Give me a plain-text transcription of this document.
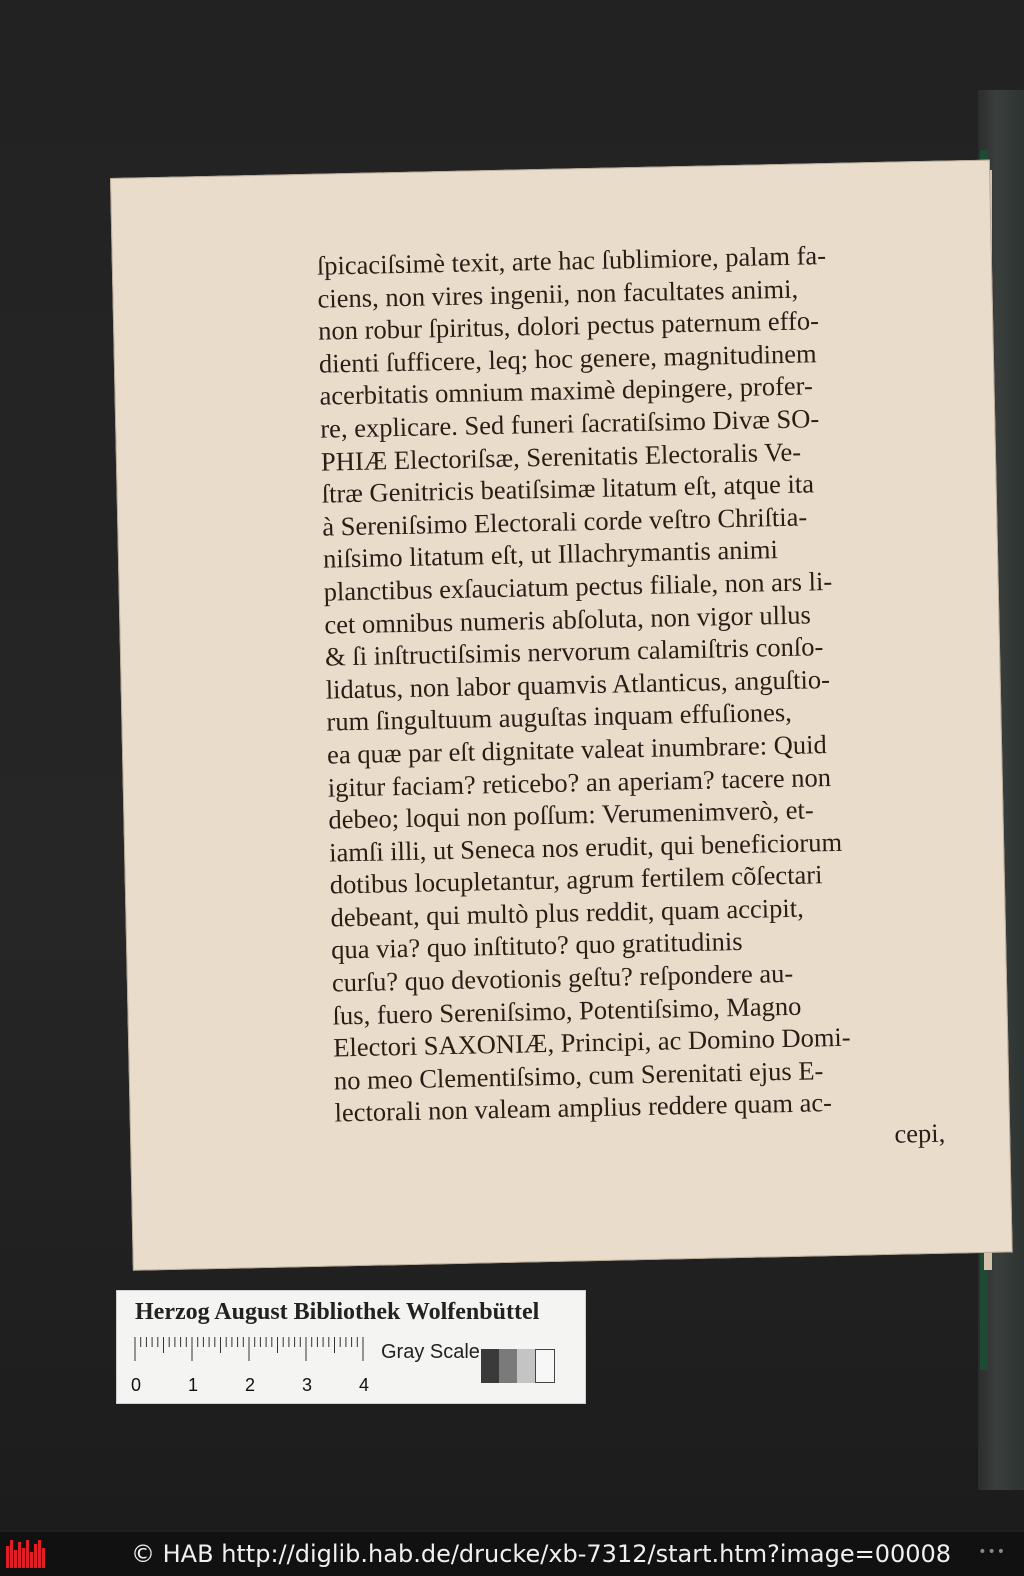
ſpicaciſsimè texit, arte hac ſublimiore, palam fa-
ciens, non vires ingenii, non facultates animi,
non robur ſpiritus, dolori pectus paternum effo-
dienti ſufficere, leq; hoc genere, magnitudinem
acerbitatis omnium maximè depingere, profer-
re, explicare. Sed funeri ſacratiſsimo Divæ SO-
PHIÆ Electoriſsæ, Serenitatis Electoralis Ve-
ſtræ Genitricis beatiſsimæ litatum eſt, atque ita
à Sereniſsimo Electorali corde veſtro Chriſtia-
niſsimo litatum eſt, ut Illachrymantis animi
planctibus exſauciatum pectus filiale, non ars li-
cet omnibus numeris abſoluta, non vigor ullus
& ſi inſtructiſsimis nervorum calamiſtris conſo-
lidatus, non labor quamvis Atlanticus, anguſtio-
rum ſingultuum auguſtas inquam effuſiones,
ea quæ par eſt dignitate valeat inumbrare: Quid
igitur faciam? reticebo? an aperiam? tacere non
debeo; loqui non poſſum: Verumenimverò, et-
iamſi illi, ut Seneca nos erudit, qui beneficiorum
dotibus locupletantur, agrum fertilem cõſectari
debeant, qui multò plus reddit, quam accipit,
qua via? quo inſtituto? quo gratitudinis
curſu? quo devotionis geſtu? reſpondere au-
ſus, fuero Sereniſsimo, Potentiſsimo, Magno
Electori SAXONIÆ, Principi, ac Domino Domi-
no meo Clementiſsimo, cum Serenitati ejus E-
lectorali non valeam amplius reddere quam ac-
cepi,
Herzog August Bibliothek Wolfenbüttel
0	1	2	3	4
Gray Scale
© HAB http://diglib.hab.de/drucke/xb-7312/start.htm?image=00008 •••
